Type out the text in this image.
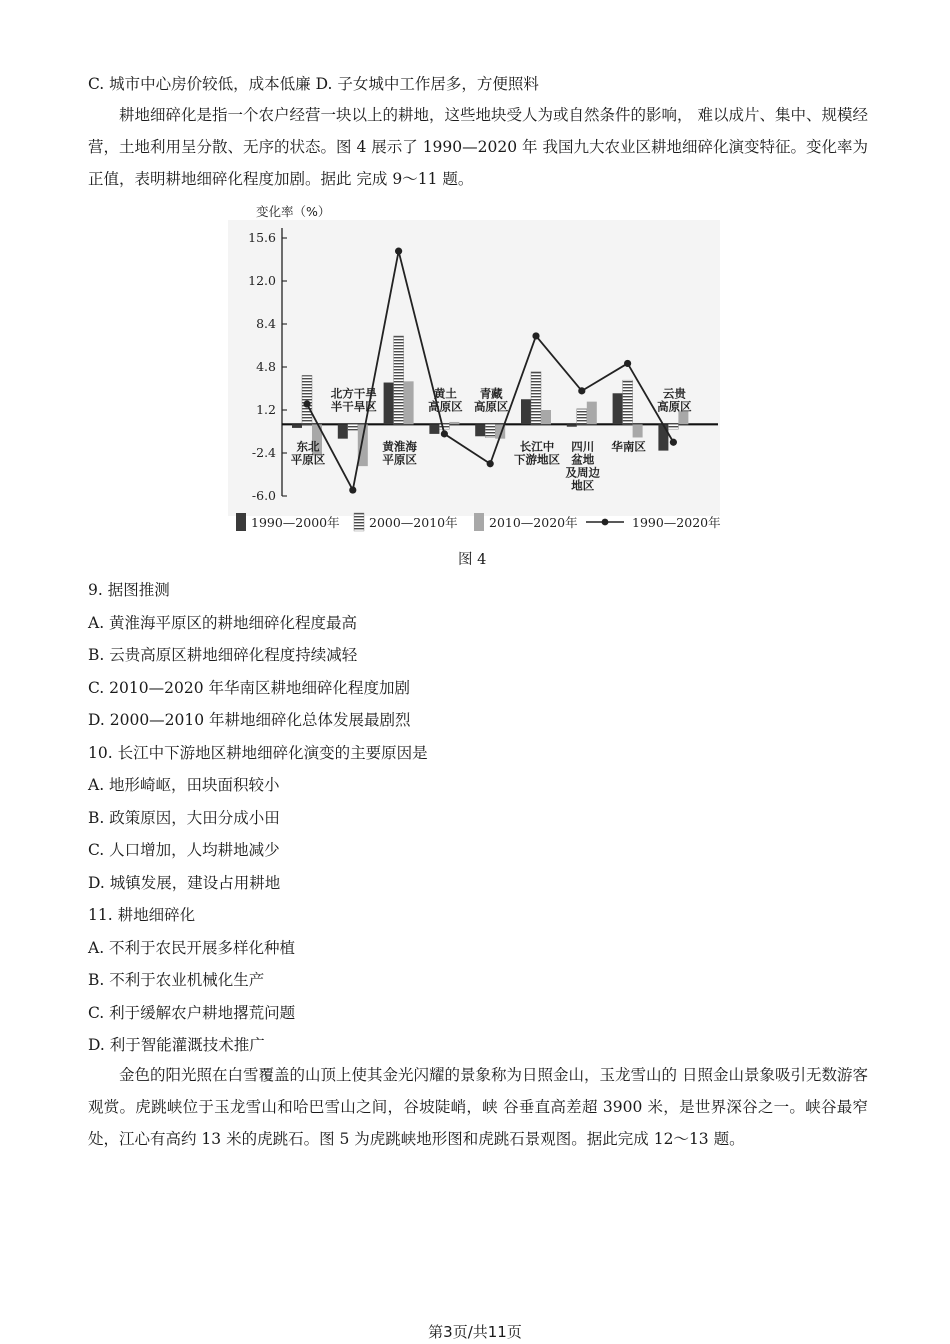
C. 城市中心房价较低，成本低廉 D. 子女城中工作居多，方便照料
耕地细碎化是指一个农户经营一块以上的耕地，这些地块受人为或自然条件的影响， 难以成片、集中、规模经营，土地利用呈分散、无序的状态。图 4 展示了 1990—2020 年 我国九大农业区耕地细碎化演变特征。变化率为正值，表明耕地细碎化程度加剧。据此 完成 9～11 题。
变化率（%）
15.6
12.0
8.4
4.8
1.2
-2.4
-6.0
东北
平原区
北方干旱
半干旱区
黄淮海
平原区
黄土
高原区
青藏
高原区
长江中
下游地区
四川
盆地
及周边
地区
华南区
云贵
高原区
1990—2000年 2000—2010年	2010—2020年	1990—2020年
图 4
9. 据图推测
A. 黄淮海平原区的耕地细碎化程度最高
B. 云贵高原区耕地细碎化程度持续减轻
C. 2010—2020 年华南区耕地细碎化程度加剧
D. 2000—2010 年耕地细碎化总体发展最剧烈
10. 长江中下游地区耕地细碎化演变的主要原因是
A. 地形崎岖，田块面积较小
B. 政策原因，大田分成小田
C. 人口增加，人均耕地减少
D. 城镇发展，建设占用耕地
11. 耕地细碎化
A. 不利于农民开展多样化种植
B. 不利于农业机械化生产
C. 利于缓解农户耕地撂荒问题
D. 利于智能灌溉技术推广
金色的阳光照在白雪覆盖的山顶上使其金光闪耀的景象称为日照金山，玉龙雪山的 日照金山景象吸引无数游客观赏。虎跳峡位于玉龙雪山和哈巴雪山之间，谷坡陡峭，峡 谷垂直高差超 3900 米，是世界深谷之一。峡谷最窄处，江心有高约 13 米的虎跳石。图 5 为虎跳峡地形图和虎跳石景观图。据此完成 12～13 题。
第3页/共11页
